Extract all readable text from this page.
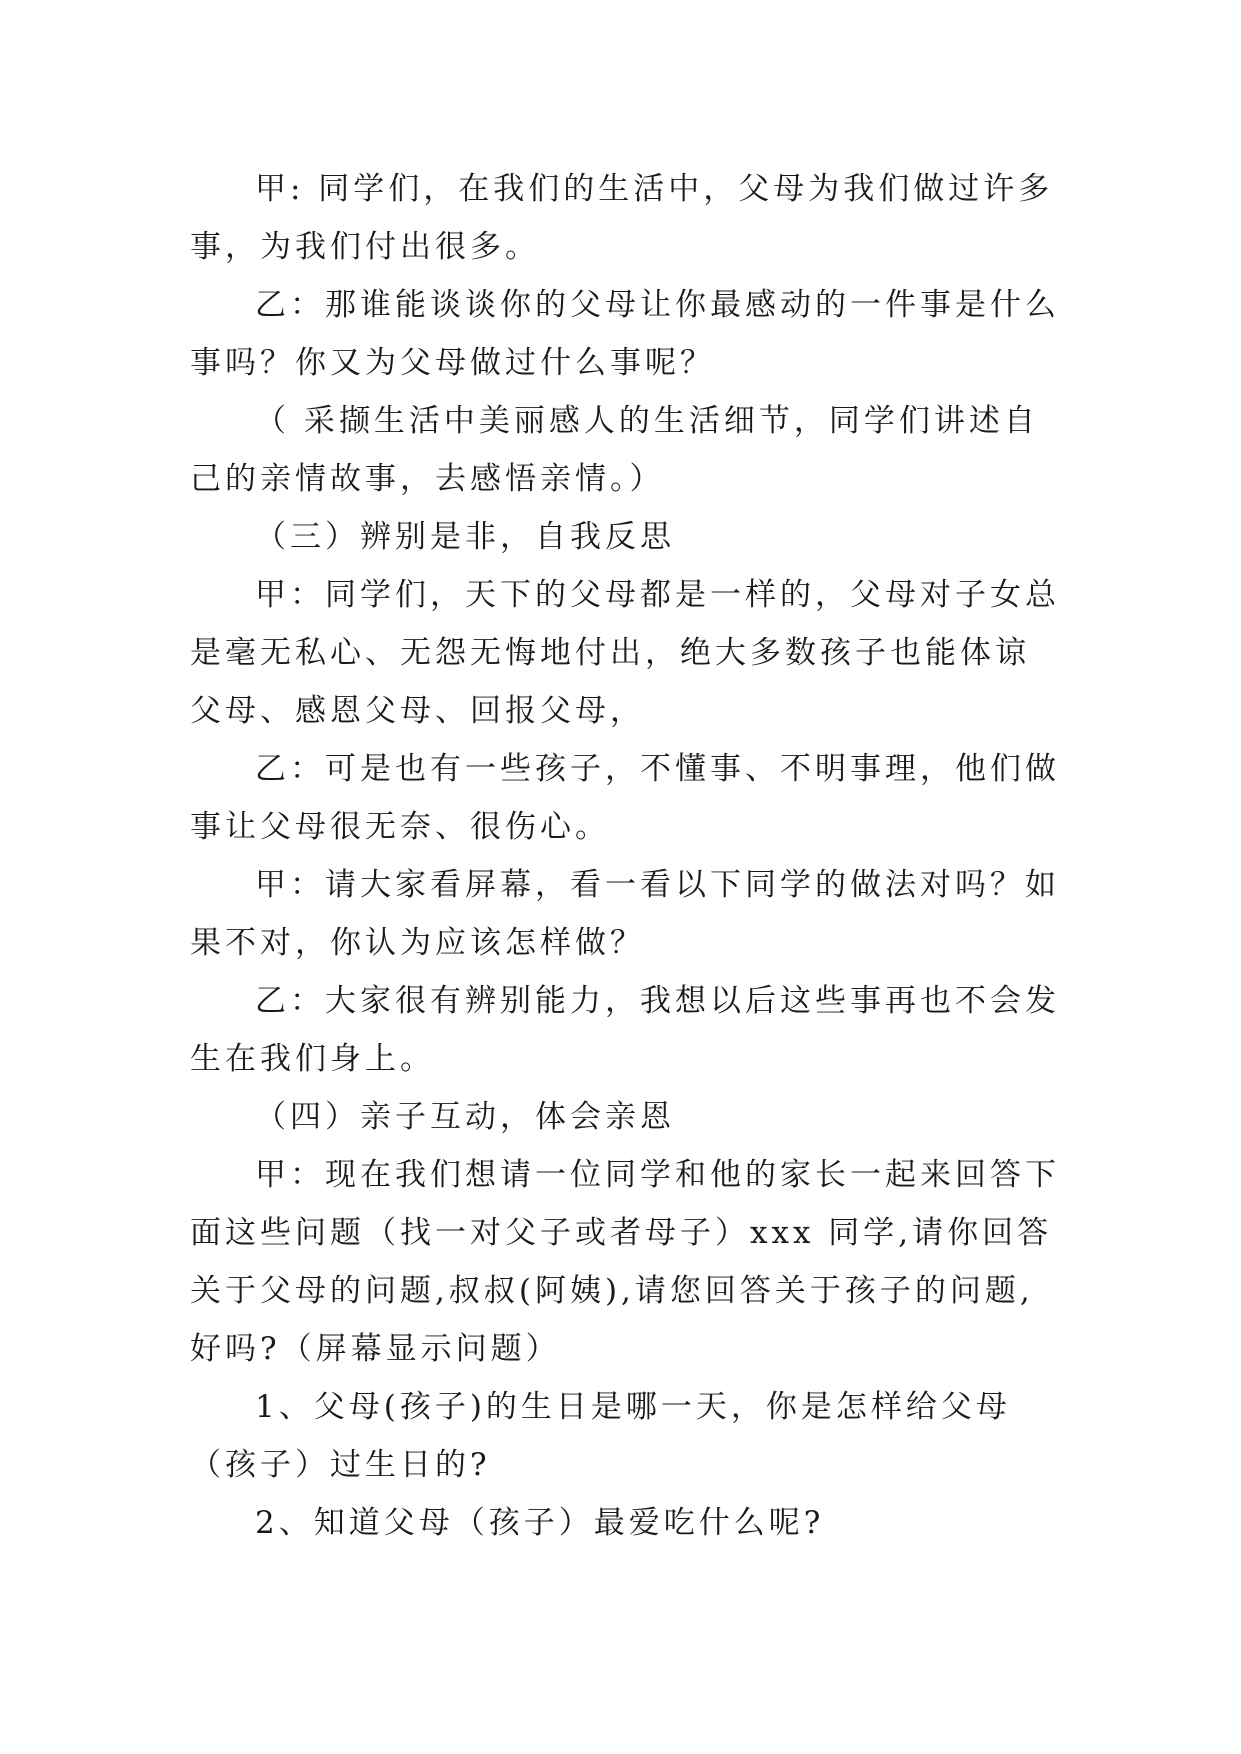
甲: 同学们，在我们的生活中，父母为我们做过许多事，为我们付出很多。

乙：那谁能谈谈你的父母让你最感动的一件事是什么事吗？你又为父母做过什么事呢？

（ 采撷生活中美丽感人的生活细节，同学们讲述自己的亲情故事，去感悟亲情。）

（三）辨别是非，自我反思

甲：同学们，天下的父母都是一样的，父母对子女总是毫无私心、无怨无悔地付出，绝大多数孩子也能体谅父母、感恩父母、回报父母，

乙：可是也有一些孩子，不懂事、不明事理，他们做事让父母很无奈、很伤心。

甲：请大家看屏幕，看一看以下同学的做法对吗？如果不对，你认为应该怎样做？

乙：大家很有辨别能力，我想以后这些事再也不会发生在我们身上。

（四）亲子互动，体会亲恩

甲：现在我们想请一位同学和他的家长一起来回答下面这些问题（找一对父子或者母子）xxx 同学,请你回答关于父母的问题,叔叔(阿姨),请您回答关于孩子的问题,好吗?（屏幕显示问题）

1、父母(孩子)的生日是哪一天，你是怎样给父母（孩子）过生日的?

2、知道父母（孩子）最爱吃什么呢?
